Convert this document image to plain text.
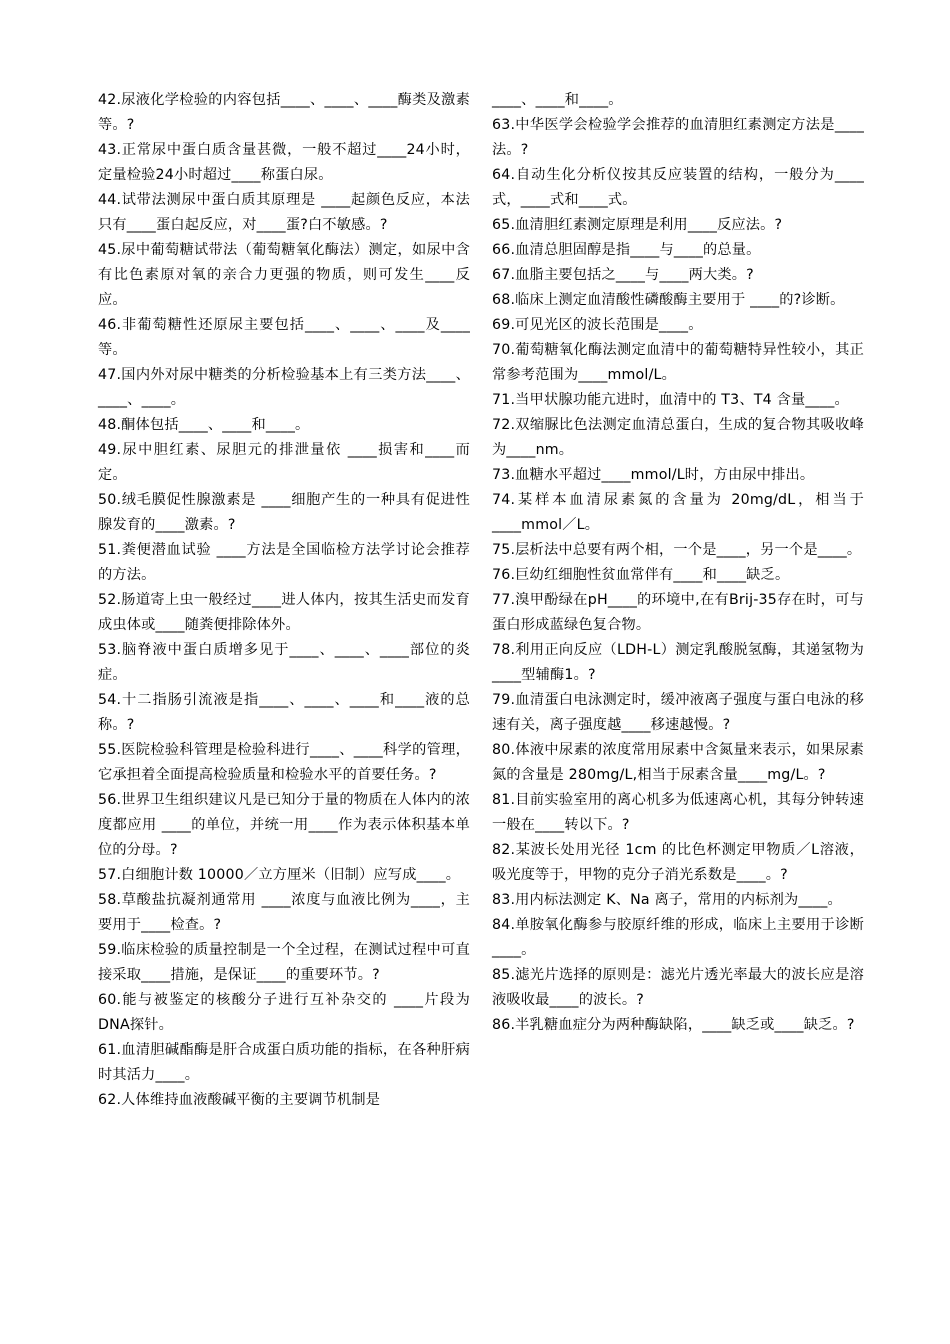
42.尿液化学检验的内容包括____、____、____酶类及激素等。?

43.正常尿中蛋白质含量甚微，一般不超过____24小时，定量检验24小时超过____称蛋白尿。

44.试带法测尿中蛋白质其原理是 ____起颜色反应，本法只有____蛋白起反应，对____蛋?白不敏感。?

45.尿中葡萄糖试带法（葡萄糖氧化酶法）测定，如尿中含有比色素原对氧的亲合力更强的物质，则可发生____反应。

46.非葡萄糖性还原尿主要包括____、____、____及____等。

47.国内外对尿中糖类的分析检验基本上有三类方法____、____、____。

48.酮体包括____、____和____。

49.尿中胆红素、尿胆元的排泄量依 ____损害和____而定。

50.绒毛膜促性腺激素是 ____细胞产生的一种具有促进性腺发育的____激素。?

51.粪便潜血试验 ____方法是全国临检方法学讨论会推荐的方法。

52.肠道寄上虫一般经过____进人体内，按其生活史而发育成虫体或____随粪便排除体外。

53.脑脊液中蛋白质增多见于____、____、____部位的炎症。

54.十二指肠引流液是指____、____、____和____液的总称。?

55.医院检验科管理是检验科进行____、____科学的管理，它承担着全面提高检验质量和检验水平的首要任务。?

56.世界卫生组织建议凡是已知分于量的物质在人体内的浓度都应用 ____的单位，并统一用____作为表示体积基本单位的分母。?

57.白细胞计数 10000／立方厘米（旧制）应写成____。

58.草酸盐抗凝剂通常用 ____浓度与血液比例为____，主要用于____检查。?

59.临床检验的质量控制是一个全过程，在测试过程中可直接采取____措施，是保证____的重要环节。?

60.能与被鉴定的核酸分子进行互补杂交的 ____片段为DNA探针。

61.血清胆碱酯酶是肝合成蛋白质功能的指标，在各种肝病时其活力____。

62.人体维持血液酸碱平衡的主要调节机制是

____、____和____。

63.中华医学会检验学会推荐的血清胆红素测定方法是____法。?

64.自动生化分析仪按其反应装置的结构，一般分为____式，____式和____式。

65.血清胆红素测定原理是利用____反应法。?

66.血清总胆固醇是指____与____的总量。

67.血脂主要包括之____与____两大类。?

68.临床上测定血清酸性磷酸酶主要用于 ____的?诊断。

69.可见光区的波长范围是____。

70.葡萄糖氧化酶法测定血清中的葡萄糖特异性较小，其正常参考范围为____mmol/L。

71.当甲状腺功能亢进时，血清中的 T3、T4 含量____。

72.双缩脲比色法测定血清总蛋白，生成的复合物其吸收峰为____nm。

73.血糖水平超过____mmol/L时，方由尿中排出。

74.某样本血清尿素氮的含量为 20mg/dL，相当于____mmol／L。

75.层析法中总要有两个相，一个是____，另一个是____。

76.巨幼红细胞性贫血常伴有____和____缺乏。

77.溴甲酚绿在pH____的环境中,在有Brij-35存在时，可与蛋白形成蓝绿色复合物。

78.利用正向反应（LDH-L）测定乳酸脱氢酶，其递氢物为____型辅酶1。?

79.血清蛋白电泳测定时，缓冲液离子强度与蛋白电泳的移速有关，离子强度越____移速越慢。?

80.体液中尿素的浓度常用尿素中含氮量来表示，如果尿素氮的含量是 280mg/L,相当于尿素含量____mg/L。?

81.目前实验室用的离心机多为低速离心机，其每分钟转速一般在____转以下。?

82.某波长处用光径 1cm 的比色杯测定甲物质／L溶液，吸光度等于，甲物的克分子消光系数是____。?

83.用内标法测定 K、Na 离子，常用的内标剂为____。

84.单胺氧化酶参与胶原纤维的形成，临床上主要用于诊断____。

85.滤光片选择的原则是：滤光片透光率最大的波长应是溶液吸收最____的波长。?

86.半乳糖血症分为两种酶缺陷，____缺乏或____缺乏。?
